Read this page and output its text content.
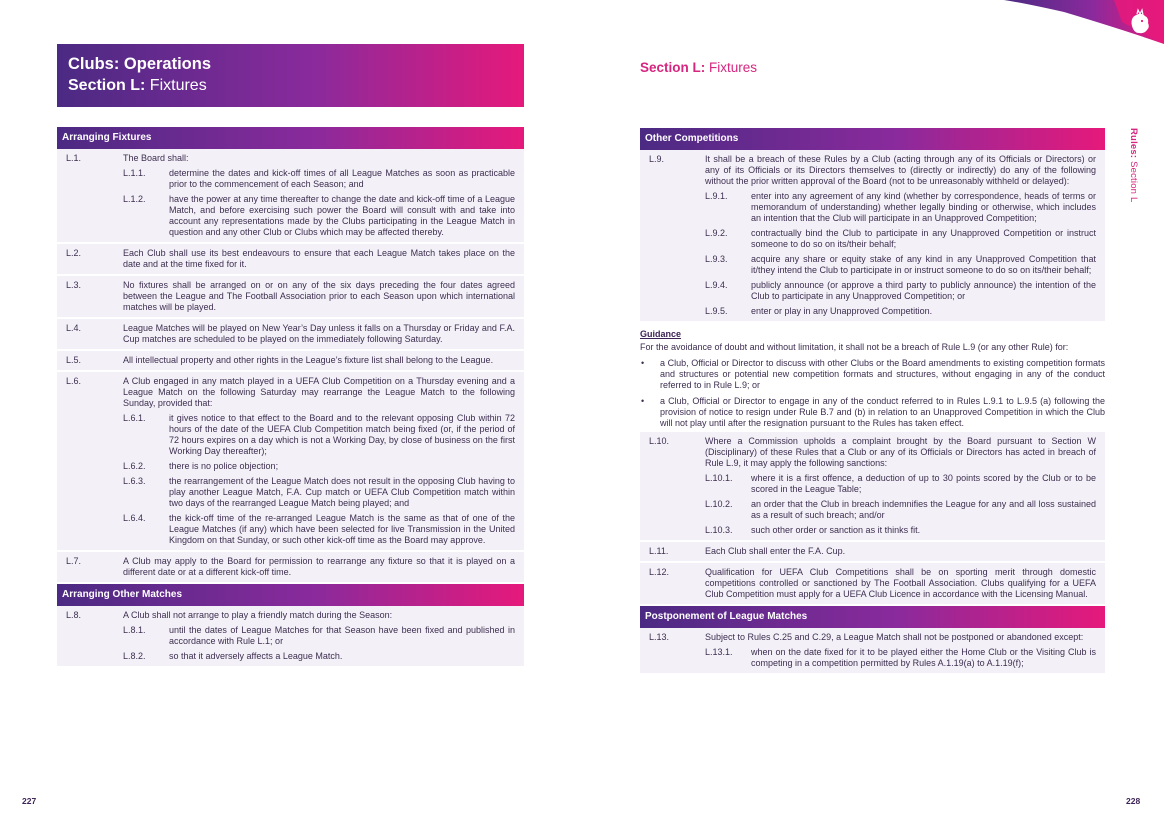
Clubs: Operations
Section L: Fixtures
Arranging Fixtures
L.1.	The Board shall:
L.1.1.	determine the dates and kick-off times of all League Matches as soon as practicable prior to the commencement of each Season; and
L.1.2.	have the power at any time thereafter to change the date and kick-off time of a League Match, and before exercising such power the Board will consult with and take into account any representations made by the Clubs participating in the League Match in question and any other Club or Clubs which may be affected thereby.
L.2.	Each Club shall use its best endeavours to ensure that each League Match takes place on the date and at the time fixed for it.
L.3.	No fixtures shall be arranged on or on any of the six days preceding the four dates agreed between the League and The Football Association prior to each Season upon which international matches will be played.
L.4.	League Matches will be played on New Year’s Day unless it falls on a Thursday or Friday and F.A. Cup matches are scheduled to be played on the immediately following Saturday.
L.5.	All intellectual property and other rights in the League’s fixture list shall belong to the League.
L.6.	A Club engaged in any match played in a UEFA Club Competition on a Thursday evening and a League Match on the following Saturday may rearrange the League Match to the following Sunday, provided that:
L.6.1.	it gives notice to that effect to the Board and to the relevant opposing Club within 72 hours of the date of the UEFA Club Competition match being fixed (or, if the period of 72 hours expires on a day which is not a Working Day, by close of business on the first Working Day thereafter);
L.6.2.	there is no police objection;
L.6.3.	the rearrangement of the League Match does not result in the opposing Club having to play another League Match, F.A. Cup match or UEFA Club Competition match within two days of the rearranged League Match being played; and
L.6.4.	the kick-off time of the re-arranged League Match is the same as that of one of the League Matches (if any) which have been selected for live Transmission in the United Kingdom on that Sunday, or such other kick-off time as the Board may approve.
L.7.	A Club may apply to the Board for permission to rearrange any fixture so that it is played on a different date or at a different kick-off time.
Arranging Other Matches
L.8.	A Club shall not arrange to play a friendly match during the Season:
L.8.1.	until the dates of League Matches for that Season have been fixed and published in accordance with Rule L.1; or
L.8.2.	so that it adversely affects a League Match.
227
Section L: Fixtures
Rules: Section L
Other Competitions
L.9.	It shall be a breach of these Rules by a Club (acting through any of its Officials or Directors) or any of its Officials or its Directors themselves to (directly or indirectly) do any of the following without the prior written approval of the Board (not to be unreasonably withheld or delayed):
L.9.1.	enter into any agreement of any kind (whether by correspondence, heads of terms or memorandum of understanding) whether legally binding or otherwise, which includes an intention that the Club will participate in an Unapproved Competition;
L.9.2.	contractually bind the Club to participate in any Unapproved Competition or instruct someone to do so on its/their behalf;
L.9.3.	acquire any share or equity stake of any kind in any Unapproved Competition that it/they intend the Club to participate in or instruct someone to do so on its/their behalf;
L.9.4.	publicly announce (or approve a third party to publicly announce) the intention of the Club to participate in any Unapproved Competition; or
L.9.5.	enter or play in any Unapproved Competition.
Guidance

For the avoidance of doubt and without limitation, it shall not be a breach of Rule L.9 (or any other Rule) for:

•	a Club, Official or Director to discuss with other Clubs or the Board amendments to existing competition formats and structures or potential new competition formats and structures, without engaging in any of the conduct referred to in Rule L.9; or
•	a Club, Official or Director to engage in any of the conduct referred to in Rules L.9.1 to L.9.5 (a) following the provision of notice to resign under Rule B.7 and (b) in relation to an Unapproved Competition in which the Club will not play until after the resignation pursuant to the Rules has taken effect.
L.10.	Where a Commission upholds a complaint brought by the Board pursuant to Section W (Disciplinary) of these Rules that a Club or any of its Officials or Directors has acted in breach of Rule L.9, it may apply the following sanctions:
L.10.1.	where it is a first offence, a deduction of up to 30 points scored by the Club or to be scored in the League Table;
L.10.2.	an order that the Club in breach indemnifies the League for any and all loss sustained as a result of such breach; and/or
L.10.3.	such other order or sanction as it thinks fit.
L.11.	Each Club shall enter the F.A. Cup.
L.12.	Qualification for UEFA Club Competitions shall be on sporting merit through domestic competitions controlled or sanctioned by The Football Association. Clubs qualifying for a UEFA Club Competition must apply for a UEFA Club Licence in accordance with the Licensing Manual.
Postponement of League Matches
L.13.	Subject to Rules C.25 and C.29, a League Match shall not be postponed or abandoned except:
L.13.1.	when on the date fixed for it to be played either the Home Club or the Visiting Club is competing in a competition permitted by Rules A.1.19(a) to A.1.19(f);
228
